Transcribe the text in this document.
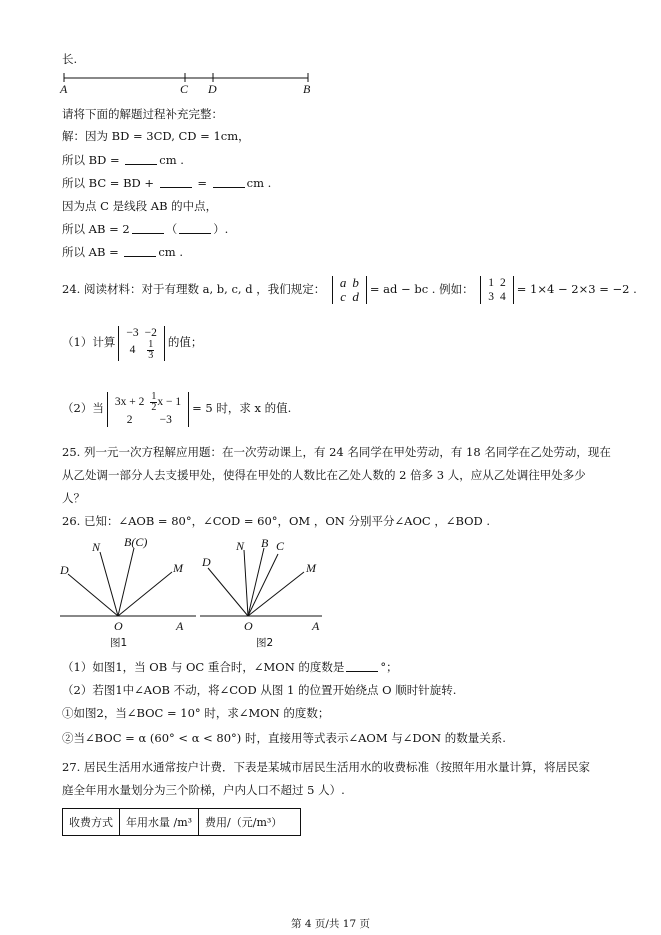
长.
A	C D	B
请将下面的解题过程补充完整：
解：因为 BD = 3CD, CD = 1cm，
所以 BD =	cm .
所以 BC = BD +	=	cm .
因为点 C 是线段 AB 的中点，
所以 AB = 2	（	）.
所以 AB =	cm .
24. 阅读材料：对于有理数 a, b, c, d ，我们规定： a	b
c	d = ad − bc . 例如： 1	2
3	4
= 1×4 − 2×3 = −2 .
（1）计算
−3	−2
4	$\frac{1}{3}$ 的值；
（2）当 3x + 2	$\frac{1}{2}$ x − 1
2	−3
= 5 时，求 x 的值.
25. 列一元一次方程解应用题：在一次劳动课上，有 24 名同学在甲处劳动，有 18 名同学在乙处劳动，现在
从乙处调一部分人去支援甲处，使得在甲处的人数比在乙处人数的 2 倍多 3 人，应从乙处调往甲处多少
人？
26. 已知：∠AOB = 80°，∠COD = 60°，OM ，ON 分别平分∠AOC ，∠BOD .
N B(C)
D	M
O	A
图1
N B C
D	M
O	A
图2
（1）如图1，当 OB 与 OC 重合时，∠MON 的度数是	°；
（2）若图1中∠AOB 不动，将∠COD 从图 1 的位置开始绕点 O 顺时针旋转.
①如图2，当∠BOC = 10° 时，求∠MON 的度数；
②当∠BOC = α (60° < α < 80°) 时，直接用等式表示∠AOM 与∠DON 的数量关系.
27. 居民生活用水通常按户计费．下表是某城市居民生活用水的收费标准（按照年用水量计算，将居民家
庭全年用水量划分为三个阶梯，户内人口不超过 5 人）.
收费方式	年用水量 /m³	费用/（元/m³）
第 4 页/共 17 页
